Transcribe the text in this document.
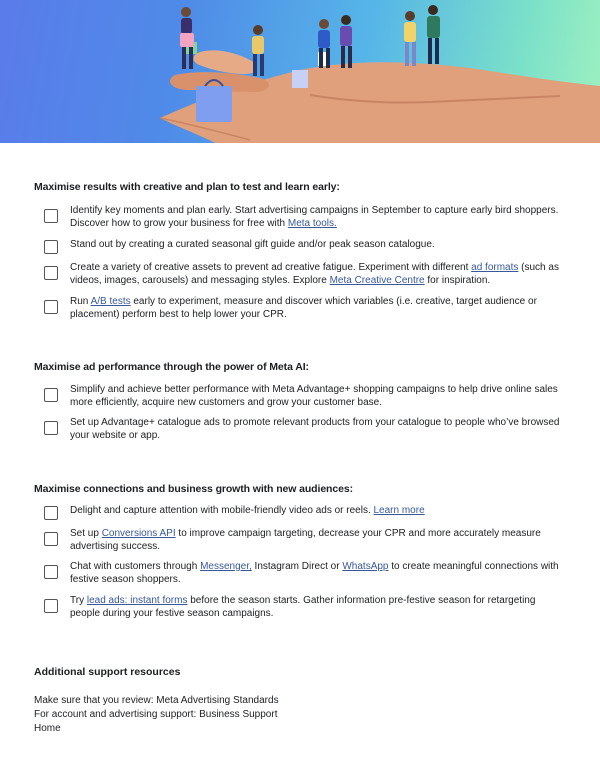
Maximise results with creative and plan to test and learn early:

Identify key moments and plan early. Start advertising campaigns in September to capture early bird shoppers. Discover how to grow your business for free with Meta tools.
Stand out by creating a curated seasonal gift guide and/or peak season catalogue.
Create a variety of creative assets to prevent ad creative fatigue. Experiment with different ad formats (such as videos, images, carousels) and messaging styles. Explore Meta Creative Centre for inspiration.
Run A/B tests early to experiment, measure and discover which variables (i.e. creative, target audience or placement) perform best to help lower your CPR.

Maximise ad performance through the power of Meta AI:

Simplify and achieve better performance with Meta Advantage+ shopping campaigns to help drive online sales more efficiently, acquire new customers and grow your customer base.
Set up Advantage+ catalogue ads to promote relevant products from your catalogue to people who’ve browsed your website or app.

Maximise connections and business growth with new audiences:

Delight and capture attention with mobile-friendly video ads or reels. Learn more
Set up Conversions API to improve campaign targeting, decrease your CPR and more accurately measure advertising success.
Chat with customers through Messenger, Instagram Direct or WhatsApp to create meaningful connections with festive season shoppers.
Try lead ads: instant forms before the season starts. Gather information pre-festive season for retargeting people during your festive season campaigns.
Additional support resources
Make sure that you review: Meta Advertising Standards
For account and advertising support: Business Support Home
